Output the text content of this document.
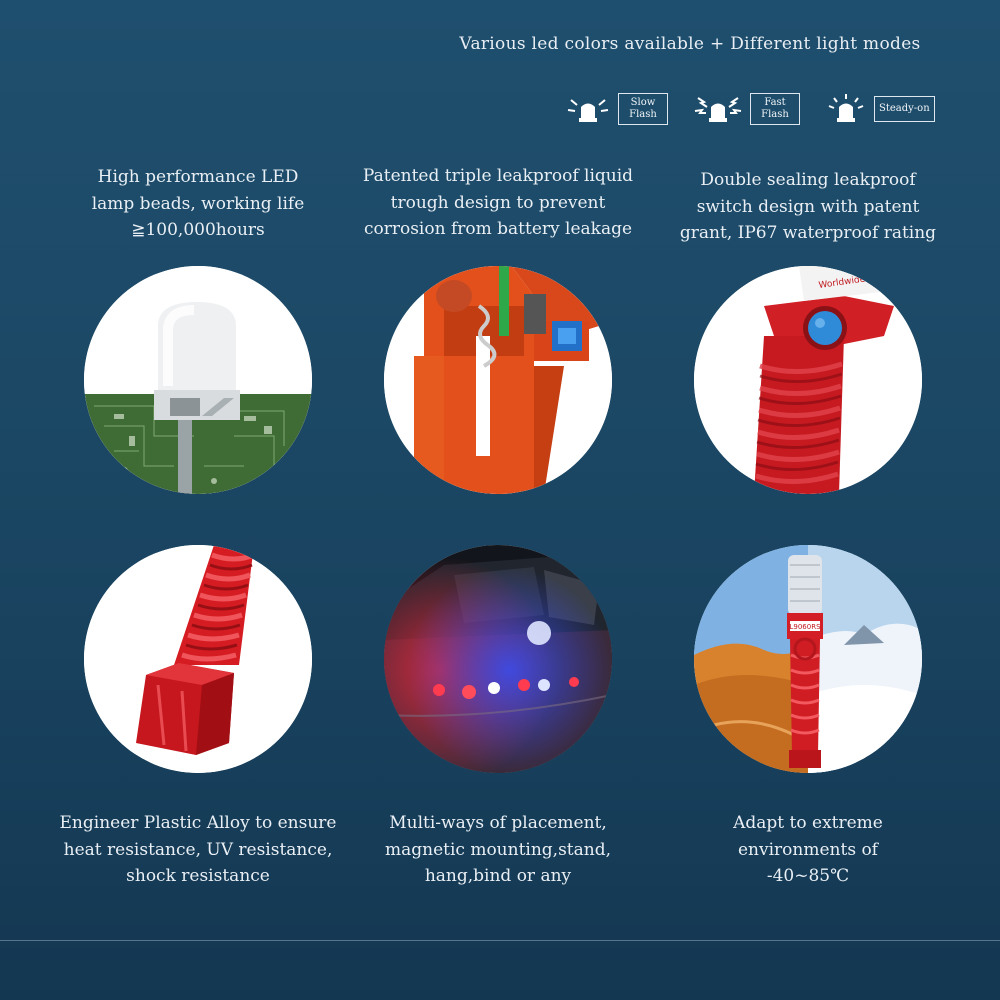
Various led colors available + Different light modes
Slow
Flash
Fast
Flash
Steady-on
High performance LED
lamp beads, working life
≧100,000hours
Patented triple leakproof liquid
trough design to prevent
corrosion from battery leakage
Double sealing leakproof
switch design with patent
grant, IP67 waterproof rating
Worldwide Patents
L9060RS
Engineer Plastic Alloy to ensure
heat resistance, UV resistance,
shock resistance
Multi-ways of placement,
magnetic mounting,stand,
hang,bind or any
Adapt to extreme
environments of
-40~85℃
